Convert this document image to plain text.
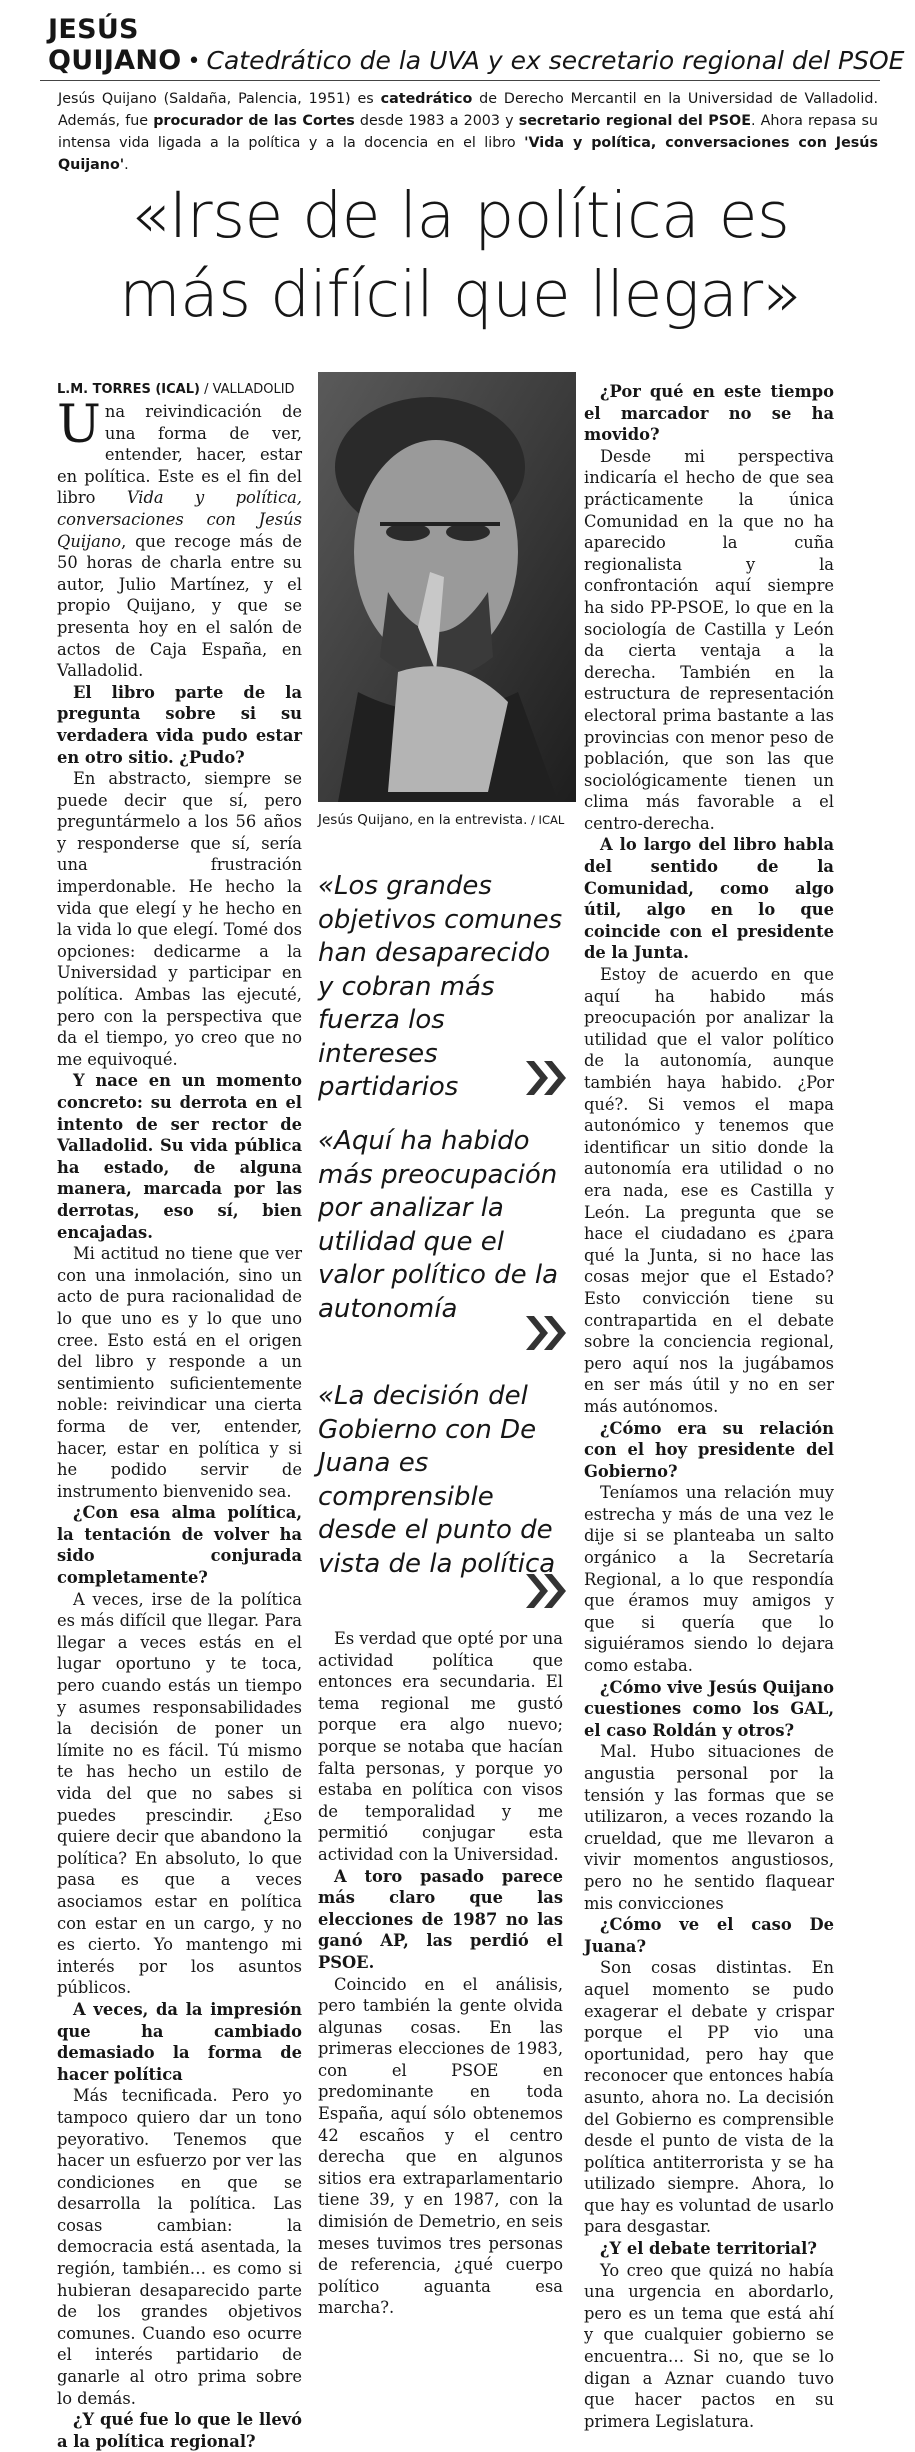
JESÚS QUIJANO • Catedrático de la UVA y ex secretario regional del PSOE
Jesús Quijano (Saldaña, Palencia, 1951) es catedrático de Derecho Mercantil en la Universidad de Valladolid. Además, fue procurador de las Cortes desde 1983 a 2003 y secretario regional del PSOE. Ahora repasa su intensa vida ligada a la política y a la docencia en el libro 'Vida y política, conversaciones con Jesús Quijano'.
«Irse de la política es
más difícil que llegar»

L.M. TORRES (ICAL) / VALLADOLID

Una reivindicación de una forma de ver, entender, hacer, estar en política. Este es el fin del libro Vida y política, conversaciones con Jesús Quijano, que recoge más de 50 horas de charla entre su autor, Julio Martínez, y el propio Quijano, y que se presenta hoy en el salón de actos de Caja España, en Valladolid.

El libro parte de la pregunta sobre si su verdadera vida pudo estar en otro sitio. ¿Pudo?

En abstracto, siempre se puede decir que sí, pero preguntármelo a los 56 años y responderse que sí, sería una frustración imperdonable. He hecho la vida que elegí y he hecho en la vida lo que elegí. Tomé dos opciones: dedicarme a la Universidad y participar en política. Ambas las ejecuté, pero con la perspectiva que da el tiempo, yo creo que no me equivoqué.

Y nace en un momento concreto: su derrota en el intento de ser rector de Valladolid. Su vida pública ha estado, de alguna manera, marcada por las derrotas, eso sí, bien encajadas.

Mi actitud no tiene que ver con una inmolación, sino un acto de pura racionalidad de lo que uno es y lo que uno cree. Esto está en el origen del libro y responde a un sentimiento suficientemente noble: reivindicar una cierta forma de ver, entender, hacer, estar en política y si he podido servir de instrumento bienvenido sea.

¿Con esa alma política, la tentación de volver ha sido conjurada completamente?

A veces, irse de la política es más difícil que llegar. Para llegar a veces estás en el lugar oportuno y te toca, pero cuando estás un tiempo y asumes responsabilidades la decisión de poner un límite no es fácil. Tú mismo te has hecho un estilo de vida del que no sabes si puedes prescindir. ¿Eso quiere decir que abandono la política? En absoluto, lo que pasa es que a veces asociamos estar en política con estar en un cargo, y no es cierto. Yo mantengo mi interés por los asuntos públicos.

A veces, da la impresión que ha cambiado demasiado la forma de hacer política

Más tecnificada. Pero yo tampoco quiero dar un tono peyorativo. Tenemos que hacer un esfuerzo por ver las condiciones en que se desarrolla la política. Las cosas cambian: la democracia está asentada, la región, también… es como si hubieran desaparecido parte de los grandes objetivos comunes. Cuando eso ocurre el interés partidario de ganarle al otro prima sobre lo demás.

¿Y qué fue lo que le llevó a la política regional?

Jesús Quijano, en la entrevista. / ICAL
«Los grandes objetivos comunes han desaparecido y cobran más fuerza los intereses partidarios
«Aquí ha habido más preocupación por analizar la utilidad que el valor político de la autonomía
«La decisión del Gobierno con De Juana es comprensible desde el punto de vista de la política

Es verdad que opté por una actividad política que entonces era secundaria. El tema regional me gustó porque era algo nuevo; porque se notaba que hacían falta personas, y porque yo estaba en política con visos de temporalidad y me permitió conjugar esta actividad con la Universidad.

A toro pasado parece más claro que las elecciones de 1987 no las ganó AP, las perdió el PSOE.

Coincido en el análisis, pero también la gente olvida algunas cosas. En las primeras elecciones de 1983, con el PSOE en predominante en toda España, aquí sólo obtenemos 42 escaños y el centro derecha que en algunos sitios era extraparlamentario tiene 39, y en 1987, con la dimisión de Demetrio, en seis meses tuvimos tres personas de referencia, ¿qué cuerpo político aguanta esa marcha?.

¿Por qué en este tiempo el marcador no se ha movido?

Desde mi perspectiva indicaría el hecho de que sea prácticamente la única Comunidad en la que no ha aparecido la cuña regionalista y la confrontación aquí siempre ha sido PP-PSOE, lo que en la sociología de Castilla y León da cierta ventaja a la derecha. También en la estructura de representación electoral prima bastante a las provincias con menor peso de población, que son las que sociológicamente tienen un clima más favorable a el centro-derecha.

A lo largo del libro habla del sentido de la Comunidad, como algo útil, algo en lo que coincide con el presidente de la Junta.

Estoy de acuerdo en que aquí ha habido más preocupación por analizar la utilidad que el valor político de la autonomía, aunque también haya habido. ¿Por qué?. Si vemos el mapa autonómico y tenemos que identificar un sitio donde la autonomía era utilidad o no era nada, ese es Castilla y León. La pregunta que se hace el ciudadano es ¿para qué la Junta, si no hace las cosas mejor que el Estado? Esto convicción tiene su contrapartida en el debate sobre la conciencia regional, pero aquí nos la jugábamos en ser más útil y no en ser más autónomos.

¿Cómo era su relación con el hoy presidente del Gobierno?

Teníamos una relación muy estrecha y más de una vez le dije si se planteaba un salto orgánico a la Secretaría Regional, a lo que respondía que éramos muy amigos y que si quería que lo siguiéramos siendo lo dejara como estaba.

¿Cómo vive Jesús Quijano cuestiones como los GAL, el caso Roldán y otros?

Mal. Hubo situaciones de angustia personal por la tensión y las formas que se utilizaron, a veces rozando la crueldad, que me llevaron a vivir momentos angustiosos, pero no he sentido flaquear mis convicciones

¿Cómo ve el caso De Juana?

Son cosas distintas. En aquel momento se pudo exagerar el debate y crispar porque el PP vio una oportunidad, pero hay que reconocer que entonces había asunto, ahora no. La decisión del Gobierno es comprensible desde el punto de vista de la política antiterrorista y se ha utilizado siempre. Ahora, lo que hay es voluntad de usarlo para desgastar.

¿Y el debate territorial?

Yo creo que quizá no había una urgencia en abordarlo, pero es un tema que está ahí y que cualquier gobierno se encuentra… Si no, que se lo digan a Aznar cuando tuvo que hacer pactos en su primera Legislatura.
